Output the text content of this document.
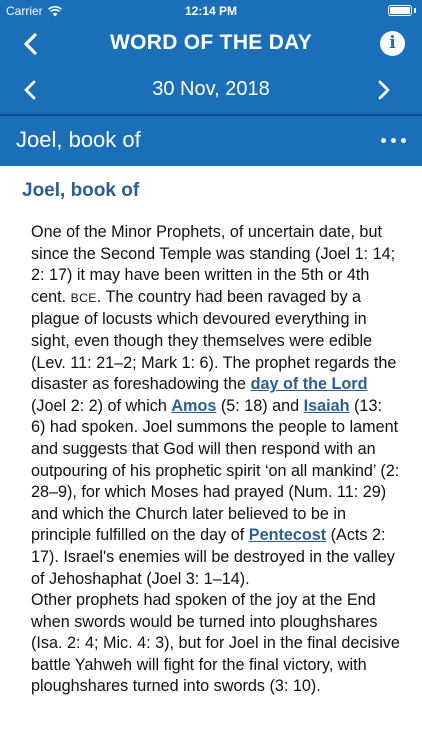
Carrier	12:14 PM
WORD OF THE DAY	i
30 Nov, 2018
Joel, book of
Joel, book of

One of the Minor Prophets, of uncertain date, but since the Second Temple was standing (Joel 1: 14; 2: 17) it may have been written in the 5th or 4th cent. BCE. The country had been ravaged by a plague of locusts which devoured everything in sight, even though they themselves were edible (Lev. 11: 21–2; Mark 1: 6). The prophet regards the disaster as foreshadowing the day of the Lord (Joel 2: 2) of which Amos (5: 18) and Isaiah (13: 6) had spoken. Joel summons the people to lament and suggests that God will then respond with an outpouring of his prophetic spirit ‘on all mankind’ (2: 28–9), for which Moses had prayed (Num. 11: 29) and which the Church later believed to be in principle fulfilled on the day of Pentecost (Acts 2: 17). Israel's enemies will be destroyed in the valley of Jehoshaphat (Joel 3: 1–14).

Other prophets had spoken of the joy at the End when swords would be turned into ploughshares (Isa. 2: 4; Mic. 4: 3), but for Joel in the final decisive battle Yahweh will fight for the final victory, with ploughshares turned into swords (3: 10).
